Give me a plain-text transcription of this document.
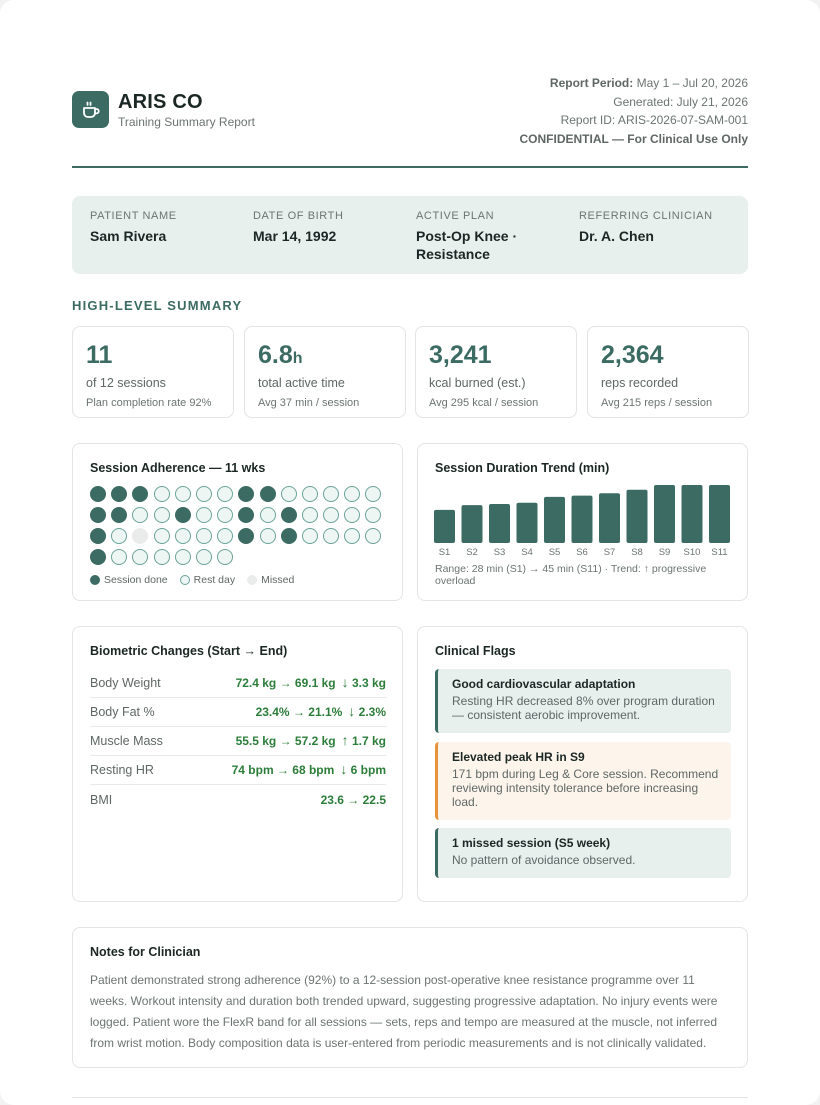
ARIS CO
Training Summary Report
Report Period: May 1 – Jul 20, 2026
Generated: July 21, 2026
Report ID: ARIS-2026-07-SAM-001
CONFIDENTIAL — For Clinical Use Only
PATIENT NAME
Sam Rivera
DATE OF BIRTH
Mar 14, 1992
ACTIVE PLAN
Post-Op Knee · Resistance
REFERRING CLINICIAN
Dr. A. Chen
HIGH-LEVEL SUMMARY
11
of 12 sessions
Plan completion rate 92%
6.8h
total active time
Avg 37 min / session
3,241
kcal burned (est.)
Avg 295 kcal / session
2,364
reps recorded
Avg 215 reps / session
Session Adherence — 11 wks
Session done Rest day Missed
Session Duration Trend (min)
S1 S2 S3 S4 S5 S6 S7 S8 S9 S10 S11
Range: 28 min (S1) → 45 min (S11) · Trend: ↑ progressive overload
Biometric Changes (Start → End)
Body Weight	72.4 kg → 69.1 kg ↓ 3.3 kg
Body Fat %	23.4% → 21.1% ↓ 2.3%
Muscle Mass	55.5 kg → 57.2 kg ↑ 1.7 kg
Resting HR	74 bpm → 68 bpm ↓ 6 bpm
BMI	23.6 → 22.5
Clinical Flags
Good cardiovascular adaptation
Resting HR decreased 8% over program duration — consistent aerobic improvement.
Elevated peak HR in S9
171 bpm during Leg & Core session. Recommend reviewing intensity tolerance before increasing load.
1 missed session (S5 week)
No pattern of avoidance observed.
Notes for Clinician
Patient demonstrated strong adherence (92%) to a 12-session post-operative knee resistance programme over 11 weeks. Workout intensity and duration both trended upward, suggesting progressive adaptation. No injury events were logged. Patient wore the FlexR band for all sessions — sets, reps and tempo are measured at the muscle, not inferred from wrist motion. Body composition data is user-entered from periodic measurements and is not clinically validated.
